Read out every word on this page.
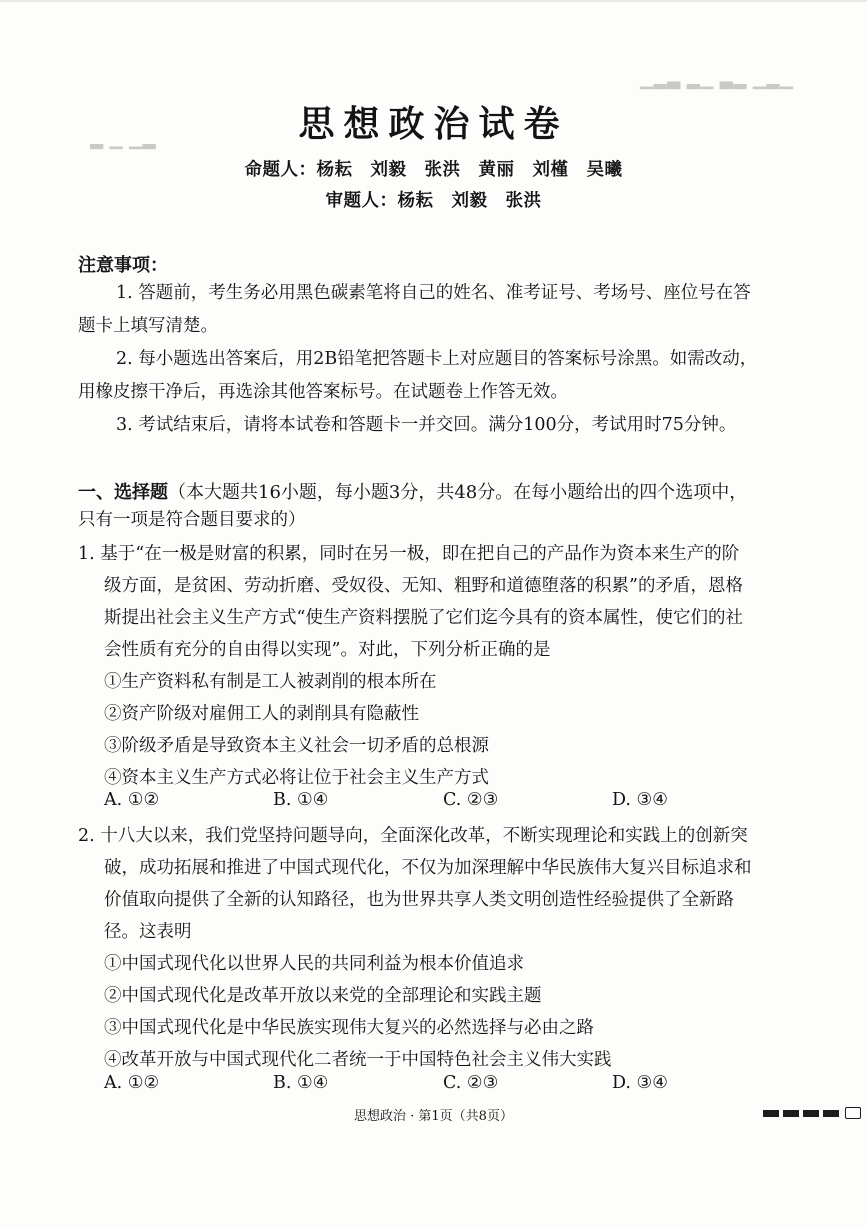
▁▂▃ ▂▁ ▃▂ ▁▂▁
▂ ▁ ▁▂	思想政治试卷
命题人：杨耘　刘毅　张洪　黄丽　刘槿　吴曦
审题人：杨耘　刘毅　张洪
注意事项：
1. 答题前，考生务必用黑色碳素笔将自己的姓名、准考证号、考场号、座位号在答
题卡上填写清楚。
2. 每小题选出答案后，用2B铅笔把答题卡上对应题目的答案标号涂黑。如需改动，
用橡皮擦干净后，再选涂其他答案标号。在试题卷上作答无效。
3. 考试结束后，请将本试卷和答题卡一并交回。满分100分，考试用时75分钟。
一、选择题（本大题共16小题，每小题3分，共48分。在每小题给出的四个选项中，
只有一项是符合题目要求的）
1. 基于“在一极是财富的积累，同时在另一极，即在把自己的产品作为资本来生产的阶
级方面，是贫困、劳动折磨、受奴役、无知、粗野和道德堕落的积累”的矛盾，恩格
斯提出社会主义生产方式“使生产资料摆脱了它们迄今具有的资本属性，使它们的社
会性质有充分的自由得以实现”。对此，下列分析正确的是
①生产资料私有制是工人被剥削的根本所在
②资产阶级对雇佣工人的剥削具有隐蔽性
③阶级矛盾是导致资本主义社会一切矛盾的总根源
④资本主义生产方式必将让位于社会主义生产方式
A. ①②	B. ①④	C. ②③	D. ③④
2. 十八大以来，我们党坚持问题导向，全面深化改革，不断实现理论和实践上的创新突
破，成功拓展和推进了中国式现代化，不仅为加深理解中华民族伟大复兴目标追求和
价值取向提供了全新的认知路径，也为世界共享人类文明创造性经验提供了全新路
径。这表明
①中国式现代化以世界人民的共同利益为根本价值追求
②中国式现代化是改革开放以来党的全部理论和实践主题
③中国式现代化是中华民族实现伟大复兴的必然选择与必由之路
④改革开放与中国式现代化二者统一于中国特色社会主义伟大实践
A. ①②	B. ①④	C. ②③	D. ③④
思想政治 · 第1页（共8页）
